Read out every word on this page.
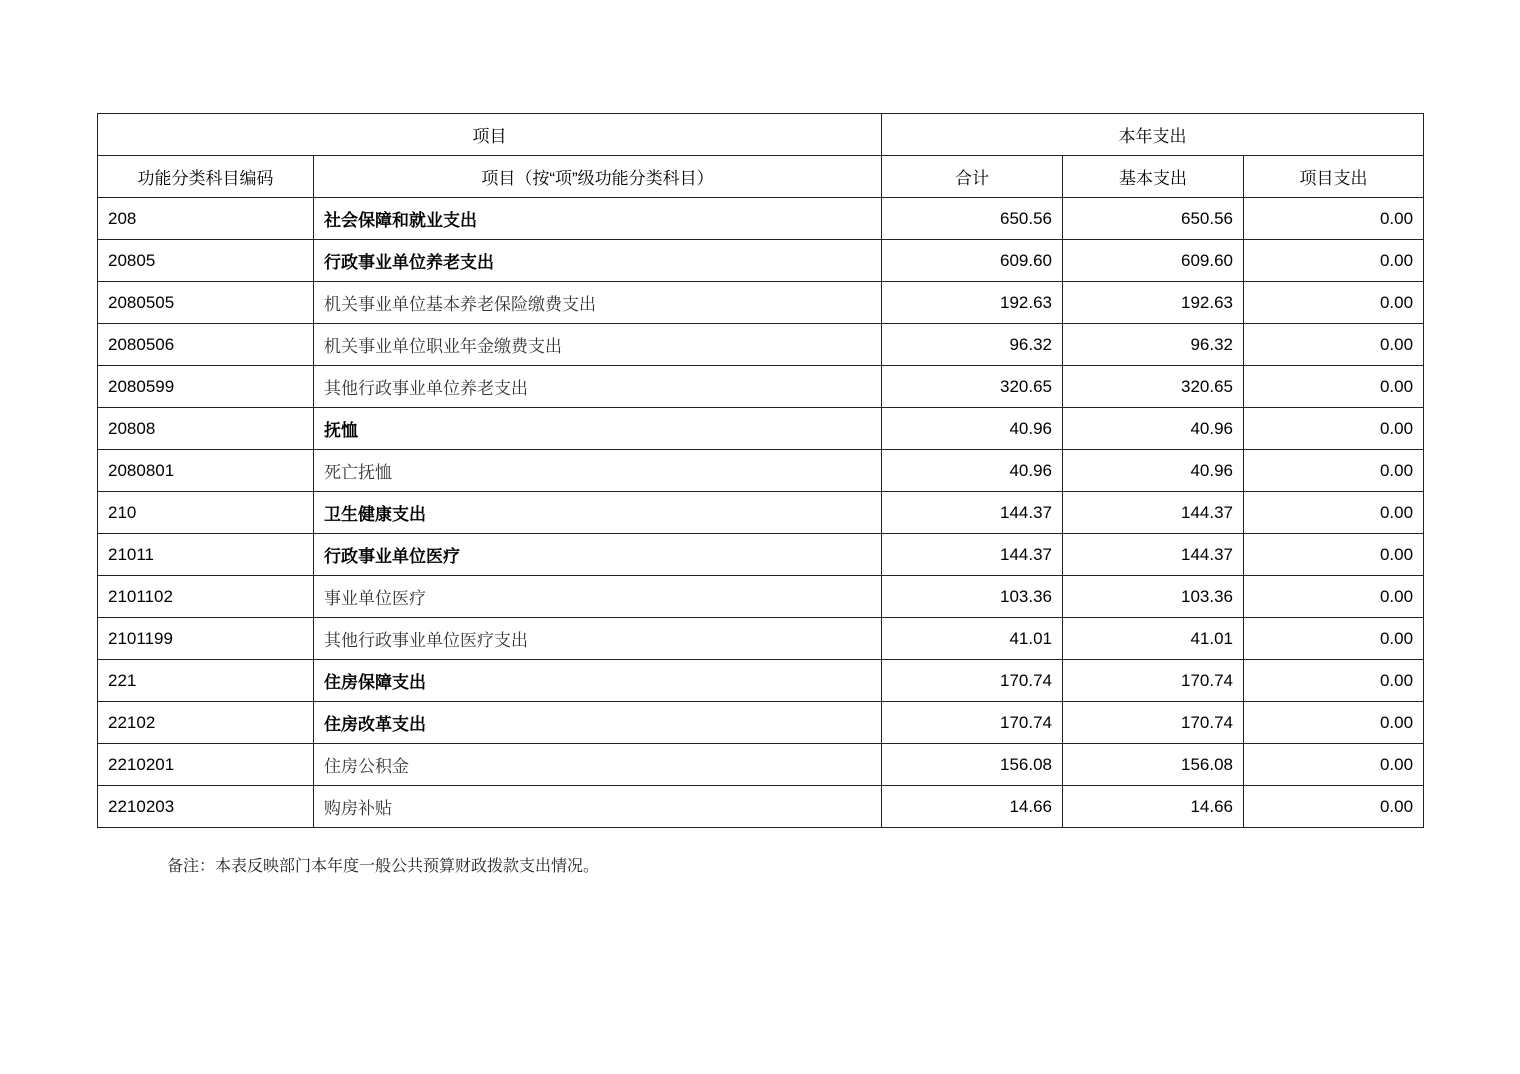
项目		本年支出		
功能分类科目编码	项目（按“项”级功能分类科目）	合计	基本支出	项目支出
208	社会保障和就业支出	650.56	650.56	0.00
20805	行政事业单位养老支出	609.60	609.60	0.00
2080505	机关事业单位基本养老保险缴费支出	192.63	192.63	0.00
2080506	机关事业单位职业年金缴费支出	96.32	96.32	0.00
2080599	其他行政事业单位养老支出	320.65	320.65	0.00
20808	抚恤	40.96	40.96	0.00
2080801	死亡抚恤	40.96	40.96	0.00
210	卫生健康支出	144.37	144.37	0.00
21011	行政事业单位医疗	144.37	144.37	0.00
2101102	事业单位医疗	103.36	103.36	0.00
2101199	其他行政事业单位医疗支出	41.01	41.01	0.00
221	住房保障支出	170.74	170.74	0.00
22102	住房改革支出	170.74	170.74	0.00
2210201	住房公积金	156.08	156.08	0.00
2210203	购房补贴	14.66	14.66	0.00
备注：本表反映部门本年度一般公共预算财政拨款支出情况。
